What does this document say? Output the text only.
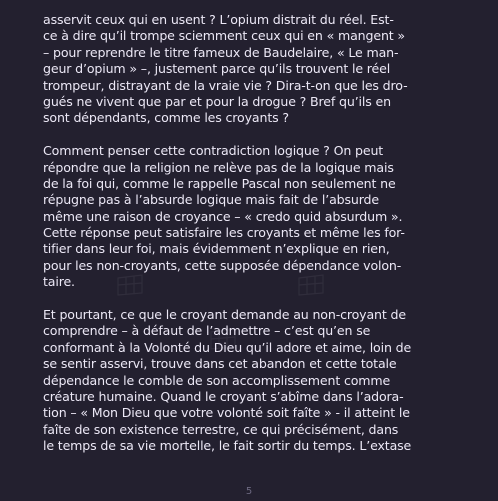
asservit ceux qui en usent ? L’opium distrait du réel. Est-
ce à dire qu’il trompe sciemment ceux qui en « mangent »
– pour reprendre le titre fameux de Baudelaire, « Le man-
geur d’opium » –, justement parce qu’ils trouvent le réel
trompeur, distrayant de la vraie vie ? Dira-t-on que les dro-
gués ne vivent que par et pour la drogue ? Bref qu’ils en
sont dépendants, comme les croyants ?
Comment penser cette contradiction logique ? On peut
répondre que la religion ne relève pas de la logique mais
de la foi qui, comme le rappelle Pascal non seulement ne
répugne pas à l’absurde logique mais fait de l’absurde
même une raison de croyance – « credo quid absurdum ».
Cette réponse peut satisfaire les croyants et même les for-
tifier dans leur foi, mais évidemment n’explique en rien,
pour les non-croyants, cette supposée dépendance volon-
taire.
Et pourtant, ce que le croyant demande au non-croyant de
comprendre – à défaut de l’admettre – c’est qu’en se
conformant à la Volonté du Dieu qu’il adore et aime, loin de
se sentir asservi, trouve dans cet abandon et cette totale
dépendance le comble de son accomplissement comme
créature humaine. Quand le croyant s’abîme dans l’adora-
tion – « Mon Dieu que votre volonté soit faîte » - il atteint le
faîte de son existence terrestre, ce qui précisément, dans
le temps de sa vie mortelle, le fait sortir du temps. L’extase
5
